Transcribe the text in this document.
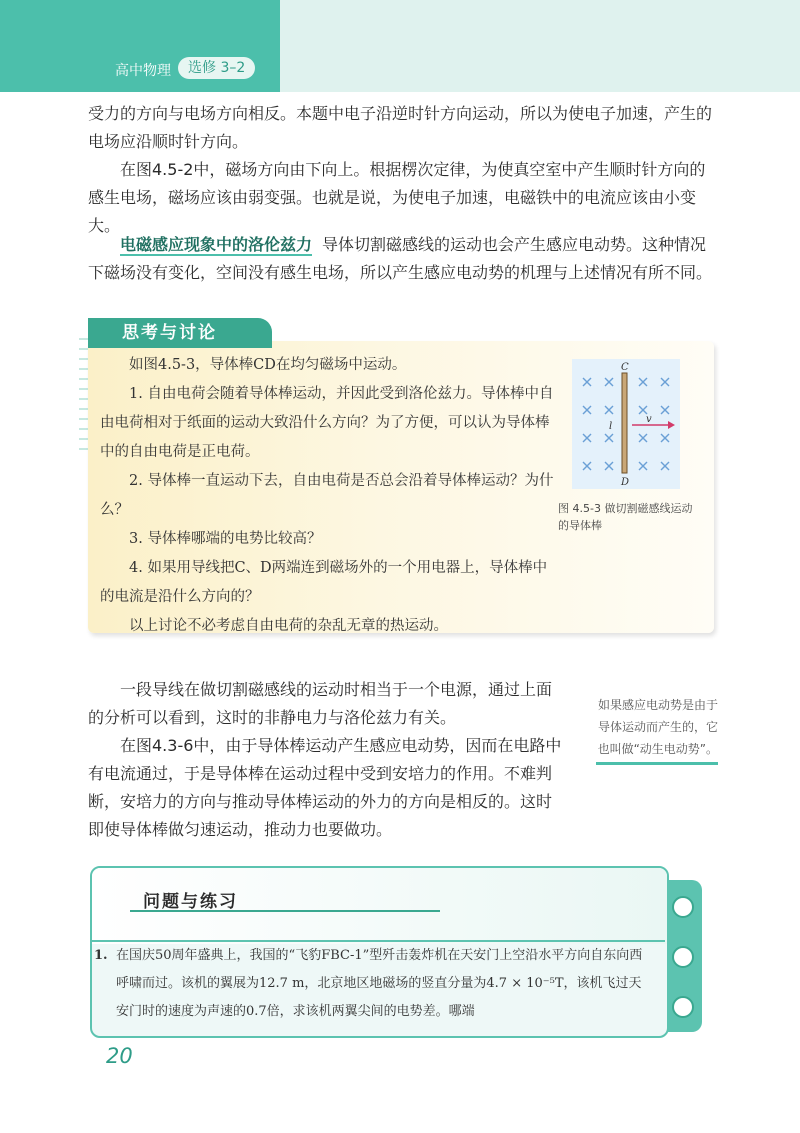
高中物理	选修 3–2
受力的方向与电场方向相反。本题中电子沿逆时针方向运动，所以为使电子加速，产生的电场应沿顺时针方向。
在图4.5-2中，磁场方向由下向上。根据楞次定律，为使真空室中产生顺时针方向的感生电场，磁场应该由弱变强。也就是说，为使电子加速，电磁铁中的电流应该由小变大。
电磁感应现象中的洛伦兹力 导体切割磁感线的运动也会产生感应电动势。这种情况下磁场没有变化，空间没有感生电场，所以产生感应电动势的机理与上述情况有所不同。
思考与讨论

如图4.5-3，导体棒CD在均匀磁场中运动。

1. 自由电荷会随着导体棒运动，并因此受到洛伦兹力。导体棒中自由电荷相对于纸面的运动大致沿什么方向？为了方便，可以认为导体棒中的自由电荷是正电荷。

2. 导体棒一直运动下去，自由电荷是否总会沿着导体棒运动？为什么？

3. 导体棒哪端的电势比较高？

4. 如果用导线把C、D两端连到磁场外的一个用电器上，导体棒中的电流是沿什么方向的？

以上讨论不必考虑自由电荷的杂乱无章的热运动。

C
D
l
v
图 4.5-3 做切割磁感线运动的导体棒
一段导线在做切割磁感线的运动时相当于一个电源，通过上面的分析可以看到，这时的非静电力与洛伦兹力有关。
在图4.3-6中，由于导体棒运动产生感应电动势，因而在电路中有电流通过，于是导体棒在运动过程中受到安培力的作用。不难判断，安培力的方向与推动导体棒运动的外力的方向是相反的。这时即使导体棒做匀速运动，推动力也要做功。
如果感应电动势是由于导体运动而产生的，它也叫做“动生电动势”。
问题与练习
1. 在国庆50周年盛典上，我国的“飞豹FBC-1”型歼击轰炸机在天安门上空沿水平方向自东向西呼啸而过。该机的翼展为12.7 m，北京地区地磁场的竖直分量为4.7 × 10⁻⁵T，该机飞过天安门时的速度为声速的0.7倍，求该机两翼尖间的电势差。哪端
20
